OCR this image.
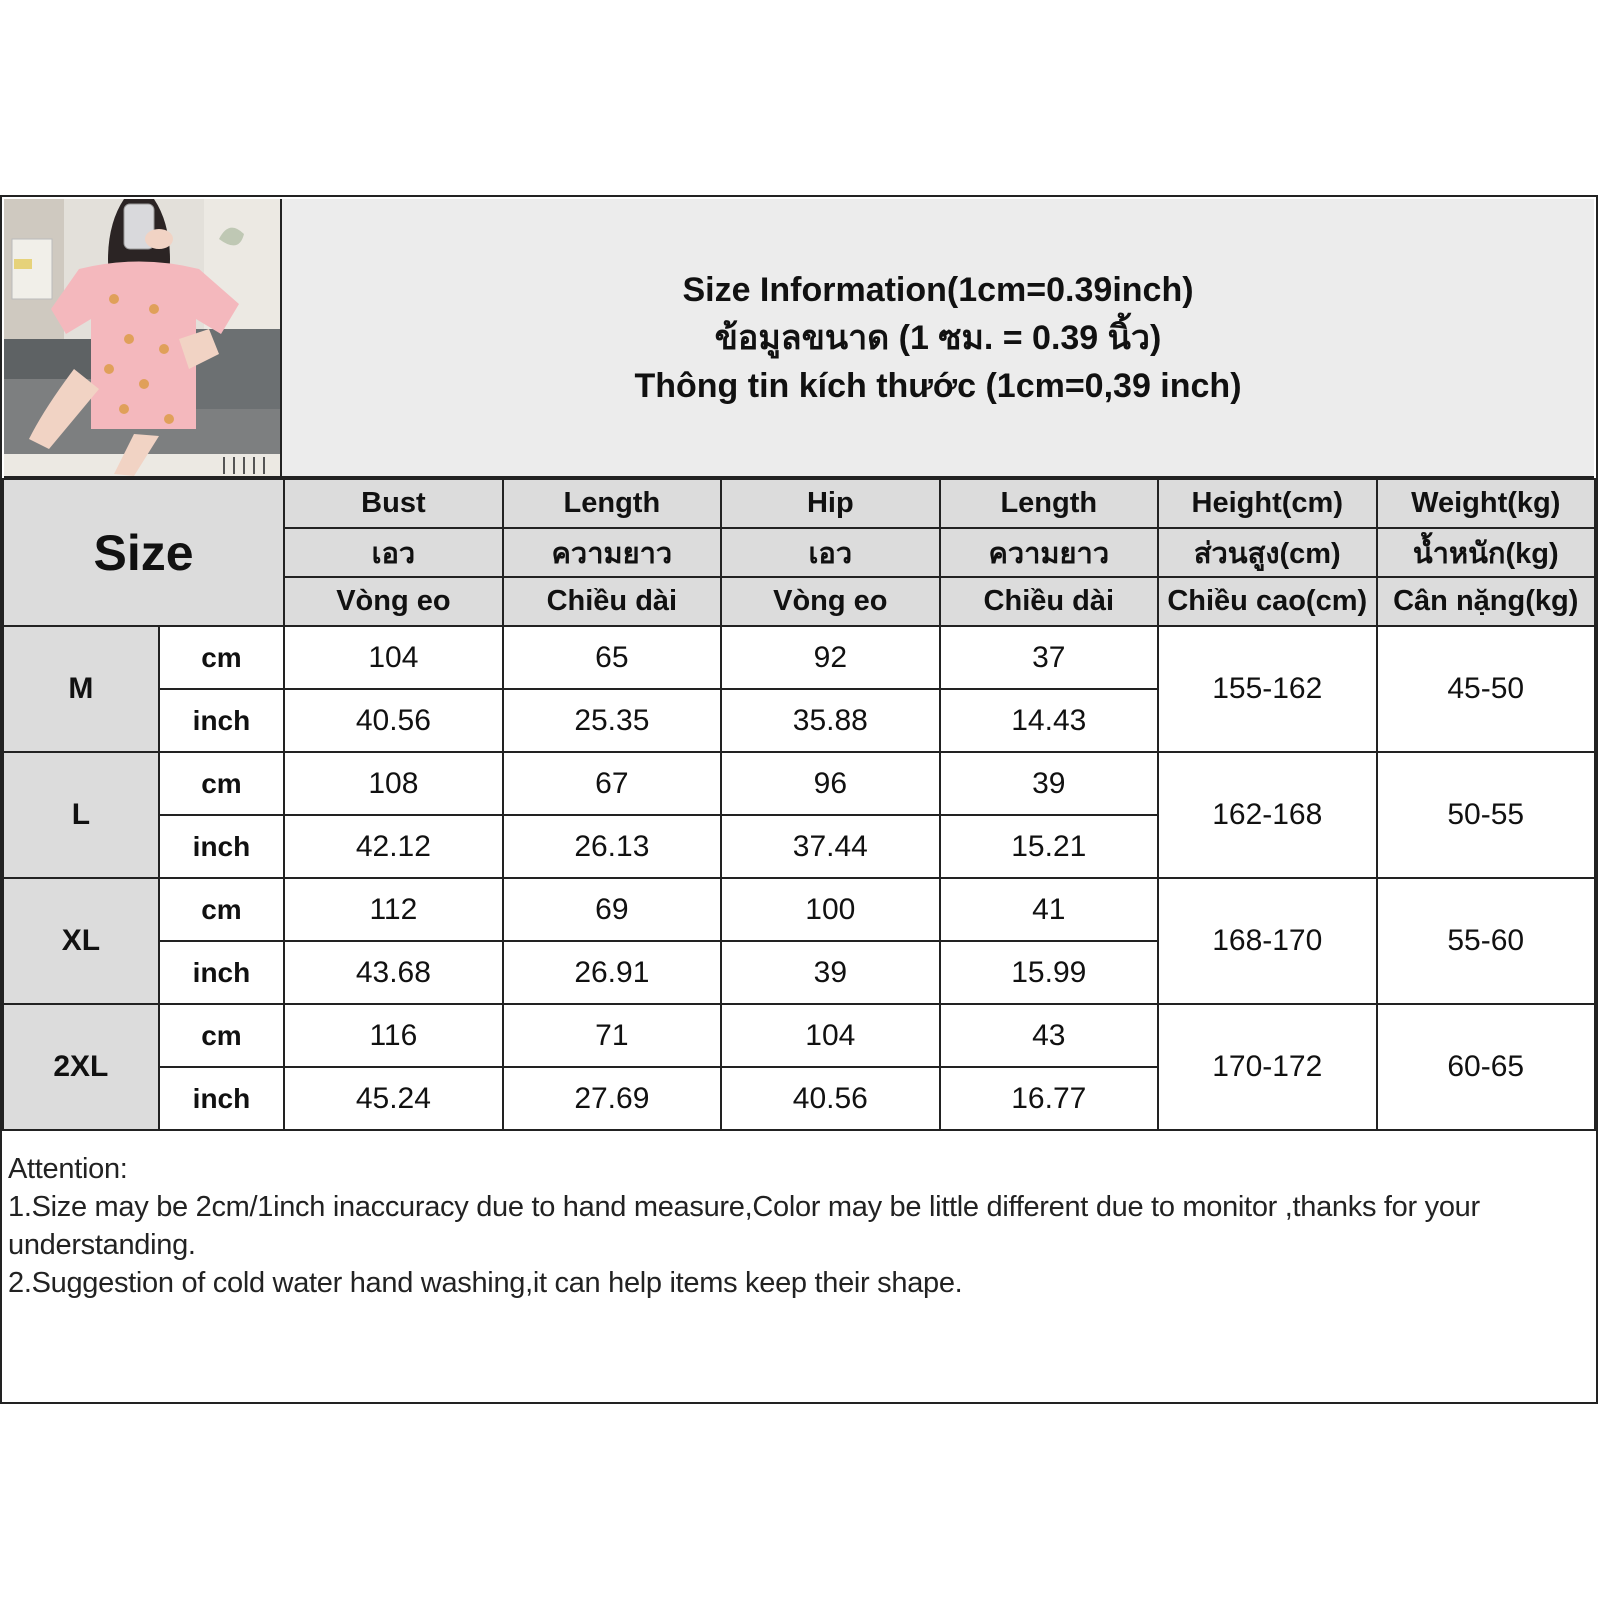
Size Information(1cm=0.39inch)
ข้อมูลขนาด (1 ซม. = 0.39 นิ้ว)
Thông tin kích thước (1cm=0,39 inch)
Size		Bust	Length	Hip	Length	Height(cm)	Weight(kg)
		เอว	ความยาว	เอว	ความยาว	ส่วนสูง(cm)	น้ำหนัก(kg)
		Vòng eo	Chiều dài	Vòng eo	Chiều dài	Chiều cao(cm)	Cân nặng(kg)
M	cm	104	65	92	37	155-162	45-50
	inch	40.56	25.35	35.88	14.43		
L	cm	108	67	96	39	162-168	50-55
	inch	42.12	26.13	37.44	15.21		
XL	cm	112	69	100	41	168-170	55-60
	inch	43.68	26.91	39	15.99		
2XL	cm	116	71	104	43	170-172	60-65
	inch	45.24	27.69	40.56	16.77		
Attention:
1.Size may be 2cm/1inch inaccuracy due to hand measure,Color may be little different due to monitor ,thanks for your understanding.
2.Suggestion of cold water hand washing,it can help items keep their shape.
